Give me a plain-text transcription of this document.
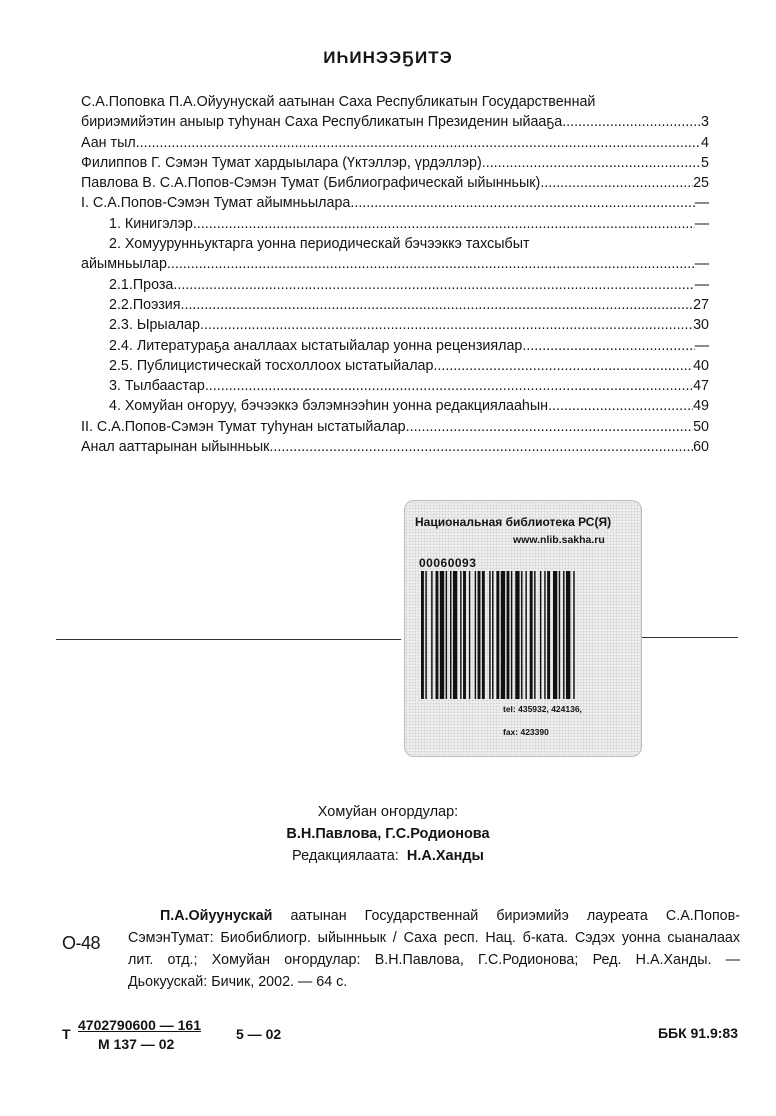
ИҺИНЭЭҔИТЭ
С.А.Поповка П.А.Ойуунускай аатынан Саха Республикатын Государственнай
бириэмийэтин аныыр туһунан Саха Республикатын Президенин ыйааҕа .....	3
Аан тыл .....	4
Филиппов Г. Сэмэн Тумат хардыылара (Үктэллэр, үрдэллэр) .....	5
Павлова В. С.А.Попов-Сэмэн Тумат (Библиографическай ыйынньык) .....	25
I. С.А.Попов-Сэмэн Тумат айымньылара .....	—
1. Кинигэлэр .....	—
2. Хомуурунньуктарга уонна периодическай бэчээккэ тахсыбыт
айымньылар .....	—
2.1.Проза .....	—
2.2.Поэзия .....	27
2.3. Ырыалар .....	30
2.4. Литератураҕа аналлаах ыстатыйалар уонна рецензиялар .....	—
2.5. Публицистическай тосхоллоох ыстатыйалар .....	40
3. Тылбаастар .....	47
4. Хомуйан оҥоруу, бэчээккэ бэлэмнээһин уонна редакциялааһын .....	49
II. С.А.Попов-Сэмэн Тумат туһунан ыстатыйалар .....	50
Анал ааттарынан ыйынньык .....	60
Национальная библиотека РС(Я)
www.nlib.sakha.ru
00060093
tel: 435932, 424136,
fax: 423390
Хомуйан оҥордулар:
В.Н.Павлова, Г.С.Родионова
Редакциялаата: Н.А.Ханды
О-48
П.А.Ойуунускай аатынан Государственнай бириэмийэ лауреата С.А.Попов-СэмэнТумат: Биобиблиогр. ыйынньык / Саха респ. Нац. б-ката. Сэдэх уонна сыаналаах лит. отд.; Хомуйан оҥордулар: В.Н.Павлова, Г.С.Родионова; Ред. Н.А.Ханды. — Дьокуускай: Бичик, 2002. — 64 с.
Т
4702790600 — 161
М 137 — 02
5 — 02	ББК 91.9:83
